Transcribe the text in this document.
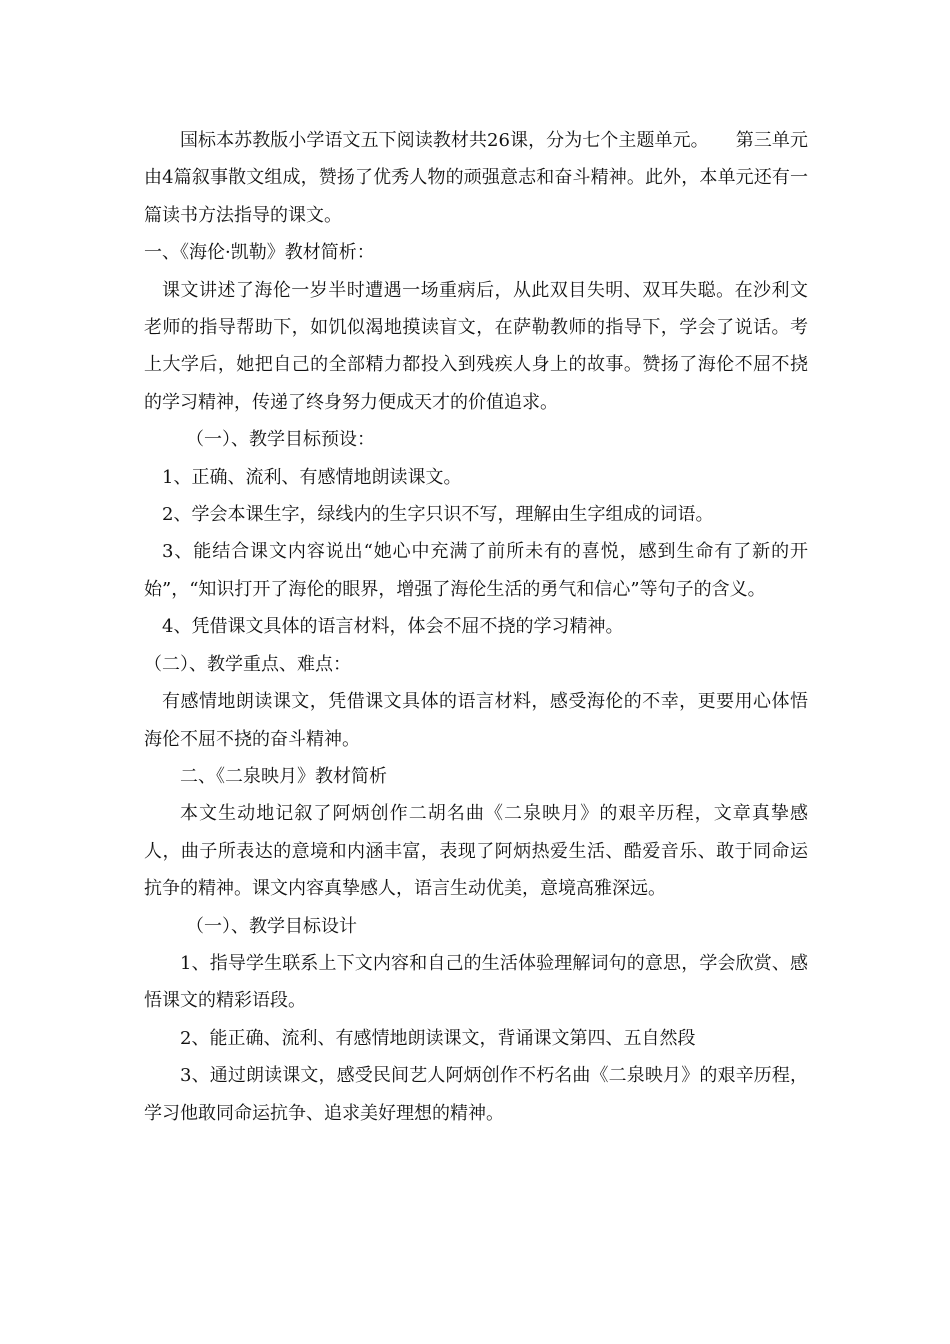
国标本苏教版小学语文五下阅读教材共26课，分为七个主题单元。　　第三单元由4篇叙事散文组成，赞扬了优秀人物的顽强意志和奋斗精神。此外，本单元还有一篇读书方法指导的课文。

一、《海伦·凯勒》教材简析：

课文讲述了海伦一岁半时遭遇一场重病后，从此双目失明、双耳失聪。在沙利文老师的指导帮助下，如饥似渴地摸读盲文，在萨勒教师的指导下，学会了说话。考上大学后，她把自己的全部精力都投入到残疾人身上的故事。赞扬了海伦不屈不挠的学习精神，传递了终身努力便成天才的价值追求。

（一）、教学目标预设：

1、正确、流利、有感情地朗读课文。

2、学会本课生字，绿线内的生字只识不写，理解由生字组成的词语。

3、能结合课文内容说出“她心中充满了前所未有的喜悦，感到生命有了新的开始”，“知识打开了海伦的眼界，增强了海伦生活的勇气和信心”等句子的含义。

4、凭借课文具体的语言材料，体会不屈不挠的学习精神。

（二）、教学重点、难点：

有感情地朗读课文，凭借课文具体的语言材料，感受海伦的不幸，更要用心体悟海伦不屈不挠的奋斗精神。

二、《二泉映月》教材简析

本文生动地记叙了阿炳创作二胡名曲《二泉映月》的艰辛历程，文章真挚感人，曲子所表达的意境和内涵丰富，表现了阿炳热爱生活、酷爱音乐、敢于同命运抗争的精神。课文内容真挚感人，语言生动优美，意境高雅深远。

（一）、教学目标设计

1、指导学生联系上下文内容和自己的生活体验理解词句的意思，学会欣赏、感悟课文的精彩语段。

2、能正确、流利、有感情地朗读课文，背诵课文第四、五自然段

3、通过朗读课文，感受民间艺人阿炳创作不朽名曲《二泉映月》的艰辛历程，学习他敢同命运抗争、追求美好理想的精神。
